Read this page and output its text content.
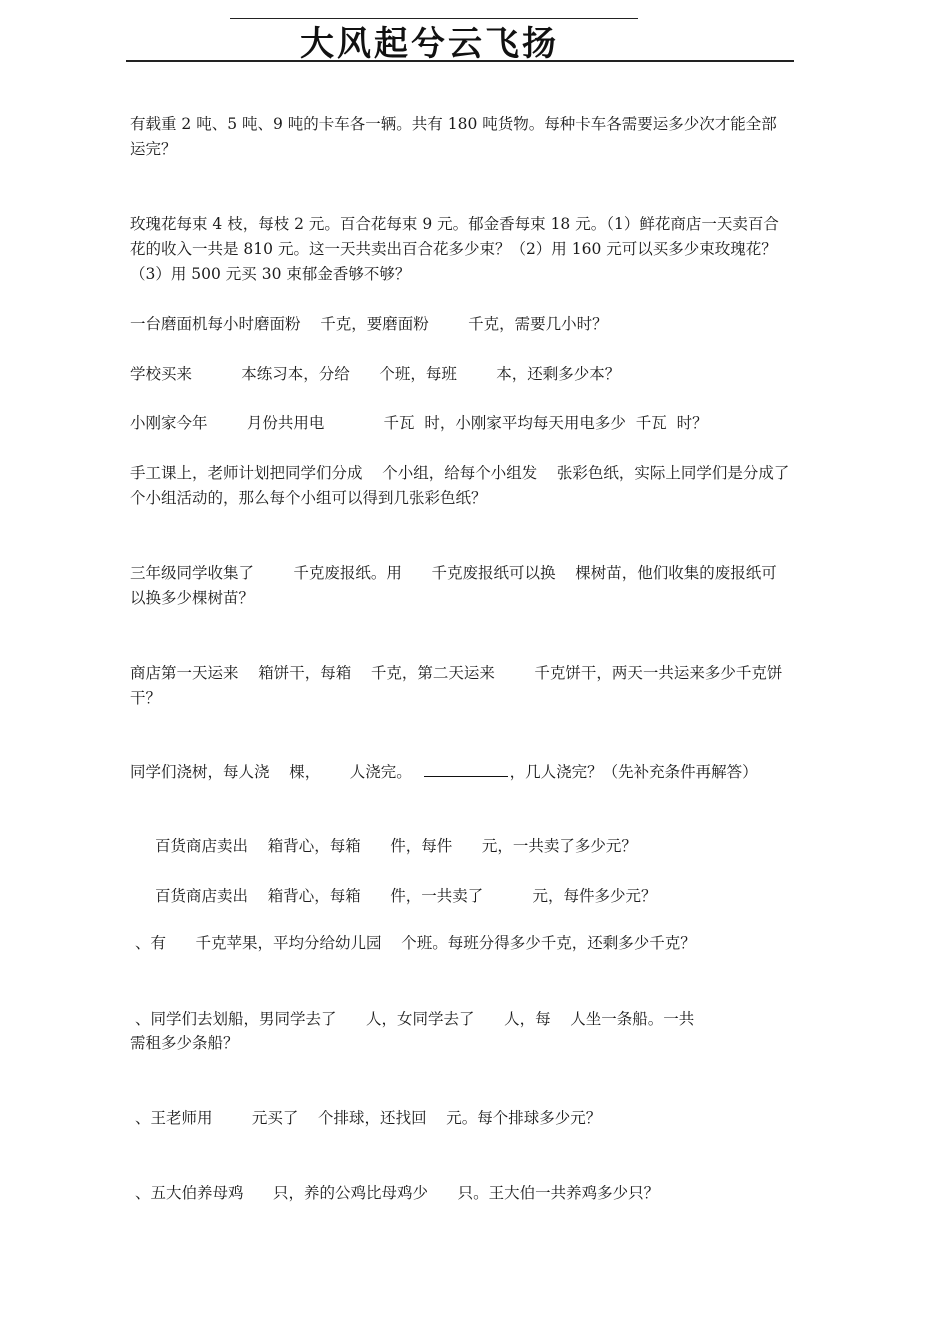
大风起兮云飞扬
有载重 2 吨、5 吨、9 吨的卡车各一辆。共有 180 吨货物。每种卡车各需要运多少次才能全部运完？
玫瑰花每束 4 枝，每枝 2 元。百合花每束 9 元。郁金香每束 18 元。（1）鲜花商店一天卖百合花的收入一共是 810 元。这一天共卖出百合花多少束？（2）用 160 元可以买多少束玫瑰花？（3）用 500 元买 30 束郁金香够不够？
一台磨面机每小时磨面粉    千克，要磨面粉        千克，需要几小时？
学校买来          本练习本，分给      个班，每班        本，还剩多少本？
小刚家今年        月份共用电            千瓦  时，小刚家平均每天用电多少  千瓦  时？
手工课上，老师计划把同学们分成    个小组，给每个小组发    张彩色纸，实际上同学们是分成了    个小组活动的，那么每个小组可以得到几张彩色纸？
三年级同学收集了        千克废报纸。用      千克废报纸可以换    棵树苗，他们收集的废报纸可以换多少棵树苗？
商店第一天运来    箱饼干，每箱    千克，第二天运来        千克饼干，两天一共运来多少千克饼干？
同学们浇树，每人浇    棵，      人浇完。	，几人浇完？（先补充条件再解答）
百货商店卖出    箱背心，每箱      件，每件      元，一共卖了多少元？
百货商店卖出    箱背心，每箱      件，一共卖了          元，每件多少元？
、有      千克苹果，平均分给幼儿园    个班。每班分得多少千克，还剩多少千克？
、同学们去划船，男同学去了      人，女同学去了      人，每    人坐一条船。一共
需租多少条船？
、王老师用        元买了    个排球，还找回    元。每个排球多少元？
、五大伯养母鸡      只，养的公鸡比母鸡少      只。王大伯一共养鸡多少只？
